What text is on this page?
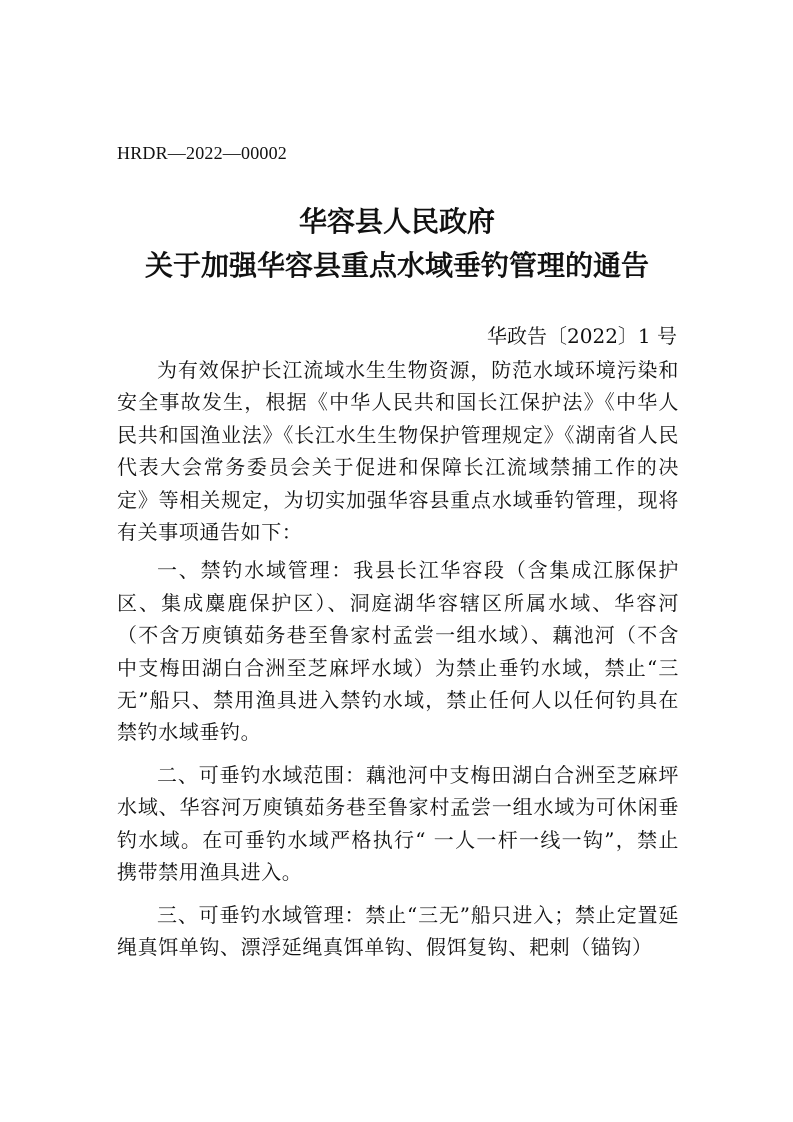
HRDR—2022—00002
华容县人民政府
关于加强华容县重点水域垂钓管理的通告
华政告〔2022〕1 号

为有效保护长江流域水生生物资源，防范水域环境污染和安全事故发生，根据《中华人民共和国长江保护法》《中华人民共和国渔业法》《长江水生生物保护管理规定》《湖南省人民代表大会常务委员会关于促进和保障长江流域禁捕工作的决定》等相关规定，为切实加强华容县重点水域垂钓管理，现将有关事项通告如下：

一、禁钓水域管理：我县长江华容段（含集成江豚保护区、集成麋鹿保护区）、洞庭湖华容辖区所属水域、华容河（不含万庾镇茹务巷至鲁家村孟尝一组水域）、藕池河（不含中支梅田湖白合洲至芝麻坪水域）为禁止垂钓水域，禁止“三无”船只、禁用渔具进入禁钓水域，禁止任何人以任何钓具在禁钓水域垂钓。

二、可垂钓水域范围：藕池河中支梅田湖白合洲至芝麻坪水域、华容河万庾镇茹务巷至鲁家村孟尝一组水域为可休闲垂钓水域。在可垂钓水域严格执行“ 一人一杆一线一钩”，禁止携带禁用渔具进入。

三、可垂钓水域管理：禁止“三无”船只进入；禁止定置延绳真饵单钩、漂浮延绳真饵单钩、假饵复钩、耙刺（锚钩）
